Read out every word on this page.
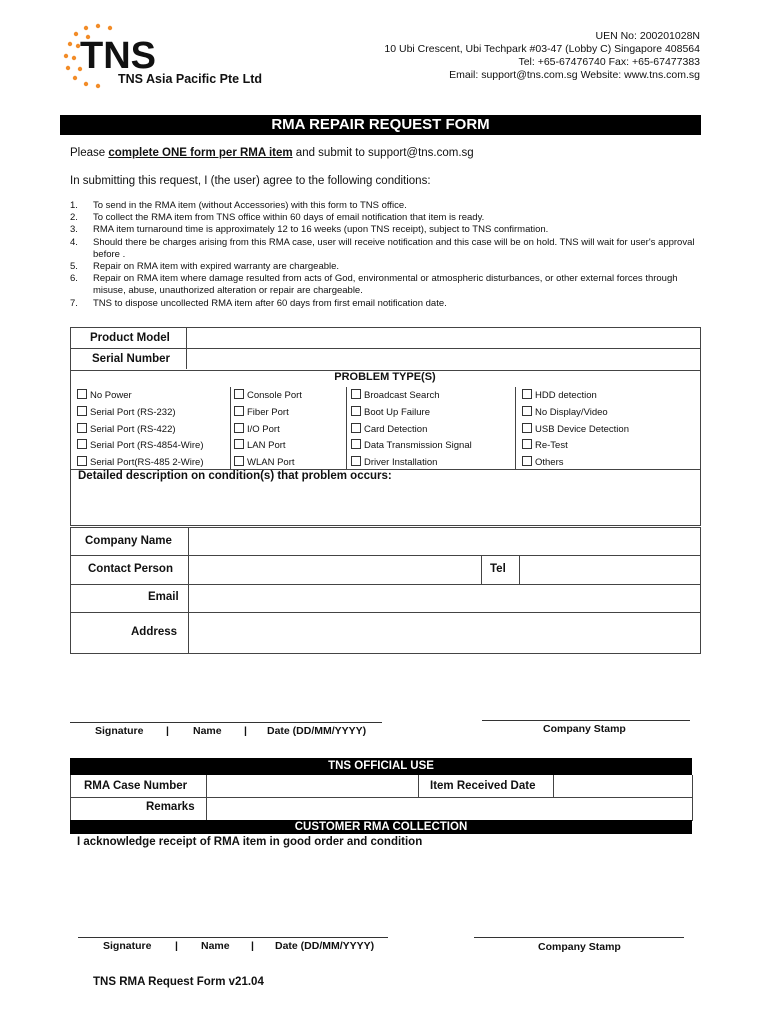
TNS
TNS Asia Pacific Pte Ltd
UEN No: 200201028N
10 Ubi Crescent, Ubi Techpark #03-47 (Lobby C) Singapore 408564
Tel: +65-67476740 Fax: +65-67477383
Email: support@tns.com.sg Website: www.tns.com.sg
RMA REPAIR REQUEST FORM
Please complete ONE form per RMA item and submit to support@tns.com.sg
In submitting this request, I (the user) agree to the following conditions:
1. To send in the RMA item (without Accessories) with this form to TNS office.
2. To collect the RMA item from TNS office within 60 days of email notification that item is ready.
3. RMA item turnaround time is approximately 12 to 16 weeks (upon TNS receipt), subject to TNS confirmation.
4. Should there be charges arising from this RMA case, user will receive notification and this case will be on hold. TNS will wait for user's approval before .
5. Repair on RMA item with expired warranty are chargeable.
6. Repair on RMA item where damage resulted from acts of God, environmental or atmospheric disturbances, or other external forces through misuse, abuse, unauthorized alteration or repair are chargeable.
7. TNS to dispose uncollected RMA item after 60 days from first email notification date.
Product Model
Serial Number
PROBLEM TYPE(S)
No Power	Console Port	Broadcast Search	HDD detection
Serial Port (RS-232)	Fiber Port	Boot Up Failure	No Display/Video
Serial Port (RS-422)	I/O Port	Card Detection	USB Device Detection
Serial Port (RS-4854-Wire)	LAN Port	Data Transmission Signal	Re-Test
Serial Port(RS-485 2-Wire)	WLAN Port	Driver Installation	Others
Detailed description on condition(s) that problem occurs:
Company Name
Contact Person	Tel
Email
Address
Signature | Name | Date (DD/MM/YYYY)	Company Stamp
TNS OFFICIAL USE
RMA Case Number	Item Received Date
Remarks
CUSTOMER RMA COLLECTION
I acknowledge receipt of RMA item in good order and condition
Signature | Name | Date (DD/MM/YYYY)	Company Stamp
TNS RMA Request Form v21.04
